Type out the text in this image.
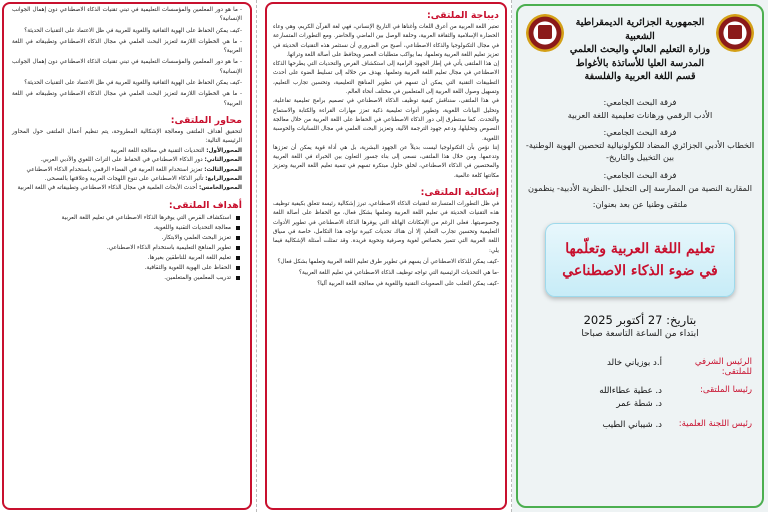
الجمهورية الجزائرية الديمقراطية الشعبية
وزارة التعليم العالي والبحث العلمي
المدرسة العليا للأساتذة بالأغواط
قسم اللغة العربية والفلسفة
فرقة البحث الجامعي:
الأدب الرقمي ورهانات تعليمية اللغة العربية
فرقة البحث الجامعي:
الخطاب الأدبي الجزائري المضاد للكولونيالية لتحصين الهوية الوطنية- بين التخييل والتاريخ-
فرقة البحث الجامعي:
المقاربة النصية من الممارسة إلى التحليل -النظرية الأدبية- ينظمون
ملتقى وطنيا عن بعد بعنوان:
تعليم اللغة العربية وتعلّمها
في ضوء الذكاء الاصطناعي
بتاريخ: 27 أكتوبر 2025
ابتداء من الساعة التاسعة صباحا
الرئيس الشرفي للملتقى:
أ.د بوزياني خالد
رئيسا الملتقى:
د. عطية عطاءالله
د. شطة عمر
رئيس اللجنة العلمية:
د. شيباني الطيب
ديباجة الملتقى:

تعتبر اللغة العربية من أعرق اللغات وأغناها في التاريخ الإنساني، فهي لغة القرآن الكريم، وهي وعاء الحضارة الإسلامية والثقافة العربية، وحلقة الوصل بين الماضي والحاضر. ومع التطورات المتسارعة في مجال التكنولوجيا والذكاء الاصطناعي، أصبح من الضروري أن نستثمر هذه التقنيات الحديثة في تعزيز تعليم اللغة العربية وتعلمها، بما يواكب متطلبات العصر ويحافظ على أصالة اللغة وتراثها.

إن هذا الملتقى يأتي في إطار الجهود الرامية إلى استكشاف الفرص والتحديات التي يطرحها الذكاء الاصطناعي في مجال تعليم اللغة العربية وتعلمها. يهدف من خلاله إلى تسليط الضوء على أحدث التطبيقات التقنية التي يمكن أن تسهم في تطوير المناهج التعليمية، وتحسين تجارب التعليم، وتسهيل وصول اللغة العربية إلى المتعلمين في مختلف أنحاء العالم.

في هذا الملتقى، سنناقش كيفية توظيف الذكاء الاصطناعي في تصميم برامج تعليمية تفاعلية، وتحليل البيانات اللغوية، وتطوير أدوات تعليمية ذكية تعزز مهارات القراءة والكتابة والاستماع والتحدث. كما سنتطرق إلى دور الذكاء الاصطناعي في الحفاظ على اللغة العربية من خلال معالجة النصوص وتحليلها، ودعم جهود الترجمة الآلية، وتعزيز البحث العلمي في مجال اللسانيات والحوسبة اللغوية.

إننا نؤمن بأن التكنولوجيا ليست بديلاً عن الجهود البشرية، بل هي أداة قوية يمكن أن تعززها وتدعمها. ومن خلال هذا الملتقى، نسعى إلى بناء جسور التعاون بين الخبراء في اللغة العربية والمختصين في الذكاء الاصطناعي، لخلق حلول مبتكرة تسهم في تنمية تعليم اللغة العربية وتعزيز مكانتها كلغة عالمية.

إشكالية الملتقى:

في ظل التطورات المتسارعة لتقنيات الذكاء الاصطناعي، تبرز إشكالية رئيسة تتعلق بكيفية توظيف هذه التقنيات الحديثة في تعليم اللغة العربية وتعلمها بشكل فعال، مع الحفاظ على أصالة اللغة وخصوصيتها. فعلى الرغم من الإمكانات الهائلة التي يوفرها الذكاء الاصطناعي في تطوير الأدوات التعليمية وتحسين تجارب التعلم، إلا أن هناك تحديات كبيرة تواجه هذا التكامل، خاصة في سياق اللغة العربية التي تتميز بخصائص لغوية وصرفية ونحوية فريدة. وقد تمثلت أسئلة الإشكالية فيما يلي:

-كيف يمكن للذكاء الاصطناعي أن يسهم في تطوير طرق تعليم اللغة العربية وتعلمها بشكل فعال؟

-ما هي التحديات الرئيسية التي تواجه توظيف الذكاء الاصطناعي في تعليم اللغة العربية؟

-كيف يمكن التغلب على الصعوبات التقنية واللغوية في معالجة اللغة العربية آليا؟

- ما هو دور المعلمين والمؤسسات التعليمية في تبني تقنيات الذكاء الاصطناعي دون إهمال الجوانب الإنسانية؟

-كيف يمكن الحفاظ على الهوية الثقافية واللغوية للعربية في ظل الاعتماد على التقنيات الحديثة؟

- ما هي الخطوات اللازمة لتعزيز البحث العلمي في مجال الذكاء الاصطناعي وتطبيقاته في اللغة العربية؟

- ما هو دور المعلمين والمؤسسات التعليمية في تبني تقنيات الذكاء الاصطناعي دون إهمال الجوانب الإنسانية؟

-كيف يمكن الحفاظ على الهوية الثقافية واللغوية للعربية في ظل الاعتماد على التقنيات الحديثة؟

- ما هي الخطوات اللازمة لتعزيز البحث العلمي في مجال الذكاء الاصطناعي وتطبيقاته في اللغة العربية؟

محاور الملتقى:

لتحقيق أهداف الملتقى ومعالجة الإشكالية المطروحة، يتم تنظيم أعمال الملتقى حول المحاور الرئيسية التالية:

المحورالأول: التحديات التقنية في معالجة اللغة العربية

المحورالثاني: دور الذكاء الاصطناعي في الحفاظ على التراث اللغوي والأدبي العربي.

المحورالثالث: تعزيز استخدام اللغة العربية في الفضاء الرقمي باستخدام الذكاء الاصطناعي

المحورالرابع: تأثير الذكاء الاصطناعي على تنوع اللهجات العربية وعلاقتها بالفصحى.

المحورالخامس: أحدث الأبحاث العلمية في مجال الذكاء الاصطناعي وتطبيقاته في اللغة العربية

أهداف الملتقى:
استكشاف الفرص التي يوفرها الذكاء الاصطناعي في تعليم اللغة العربية
معالجة التحديات التقنية واللغوية.
تعزيز البحث العلمي والابتكار.
تطوير المناهج التعليمية باستخدام الذكاء الاصطناعي.
تعليم اللغة العربية للناطقين بغيرها.
الحفاظ على الهوية اللغوية والثقافية.
تدريب المعلمين والمتعلمين.
